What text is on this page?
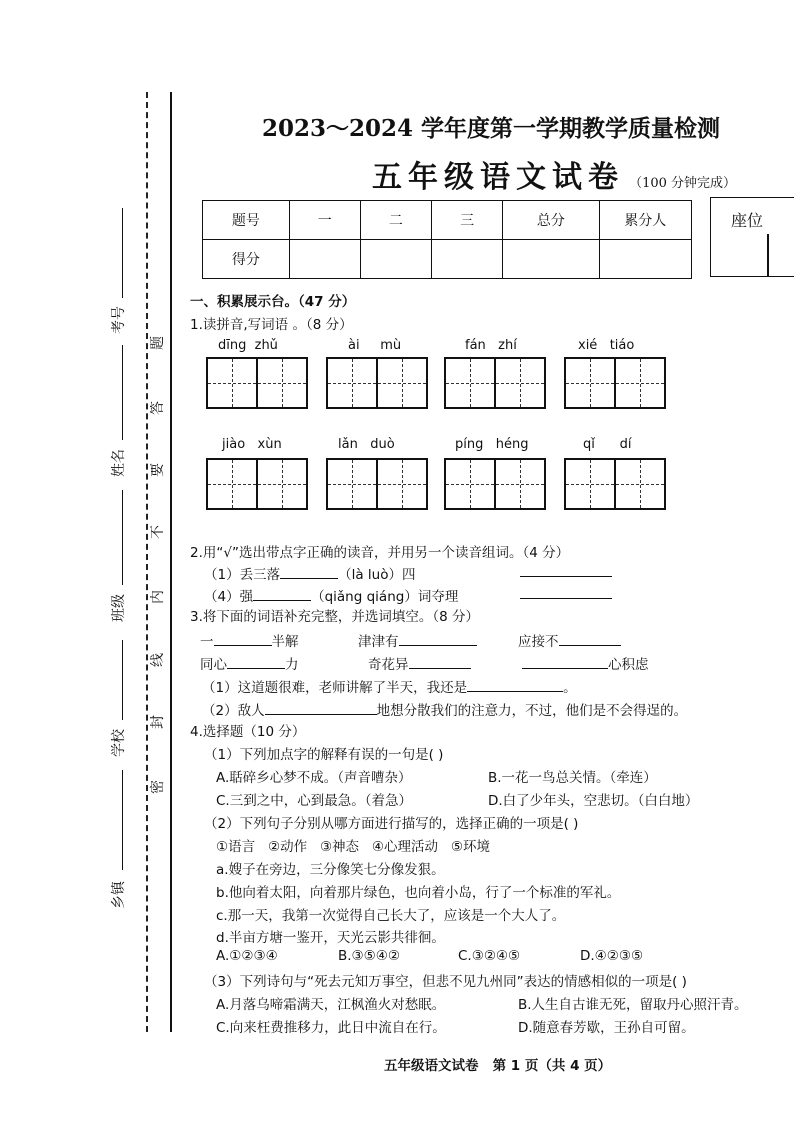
考号
姓名
班级
学校
乡镇
题
答
要
不
内
线
封
密
2023～2024 学年度第一学期教学质量检测
五年级语文试卷 （100 分钟完成）
题号	一	二	三	总分	累分人
得分					
座位
一、积累展示台。（47 分）
1.读拼音,写词语 。（8 分）
dīng  zhǔ	ài     mù	fán   zhí	xié   tiáo
jiào   xùn	lǎn   duò	píng   héng	qǐ      dí
2.用“√”选出带点字正确的读音，并用另一个读音组词。（4 分）
（1）丢三落	（là luò）四
（4）强	（qiǎng qiáng）词夺理
3.将下面的词语补充完整，并选词填空。（8 分）
一	半解	津津有	应接不
同心	力	奇花异	心积虑
（1）这道题很难，老师讲解了半天，我还是	。
（2）敌人	地想分散我们的注意力，不过，他们是不会得逞的。
4.选择题（10 分）
（1）下列加点字的解释有误的一句是( )
A.聒碎乡心梦不成。（声音嘈杂）	B.一花一鸟总关情。（牵连）
C.三到之中，心到最急。（着急）	D.白了少年头，空悲切。（白白地）
（2）下列句子分别从哪方面进行描写的，选择正确的一项是( )
①语言   ②动作   ③神态   ④心理活动   ⑤环境
a.嫂子在旁边，三分像笑七分像发狠。
b.他向着太阳，向着那片绿色，也向着小岛，行了一个标准的军礼。
c.那一天，我第一次觉得自己长大了，应该是一个大人了。
d.半亩方塘一鉴开，天光云影共徘徊。
A.①②③④	B.③⑤④②	C.③②④⑤	D.④②③⑤
（3）下列诗句与“死去元知万事空，但悲不见九州同”表达的情感相似的一项是( )
A.月落乌啼霜满天，江枫渔火对愁眠。	B.人生自古谁无死，留取丹心照汗青。
C.向来枉费推移力，此日中流自在行。	D.随意春芳歇，王孙自可留。
五年级语文试卷   第 1 页（共 4 页）
